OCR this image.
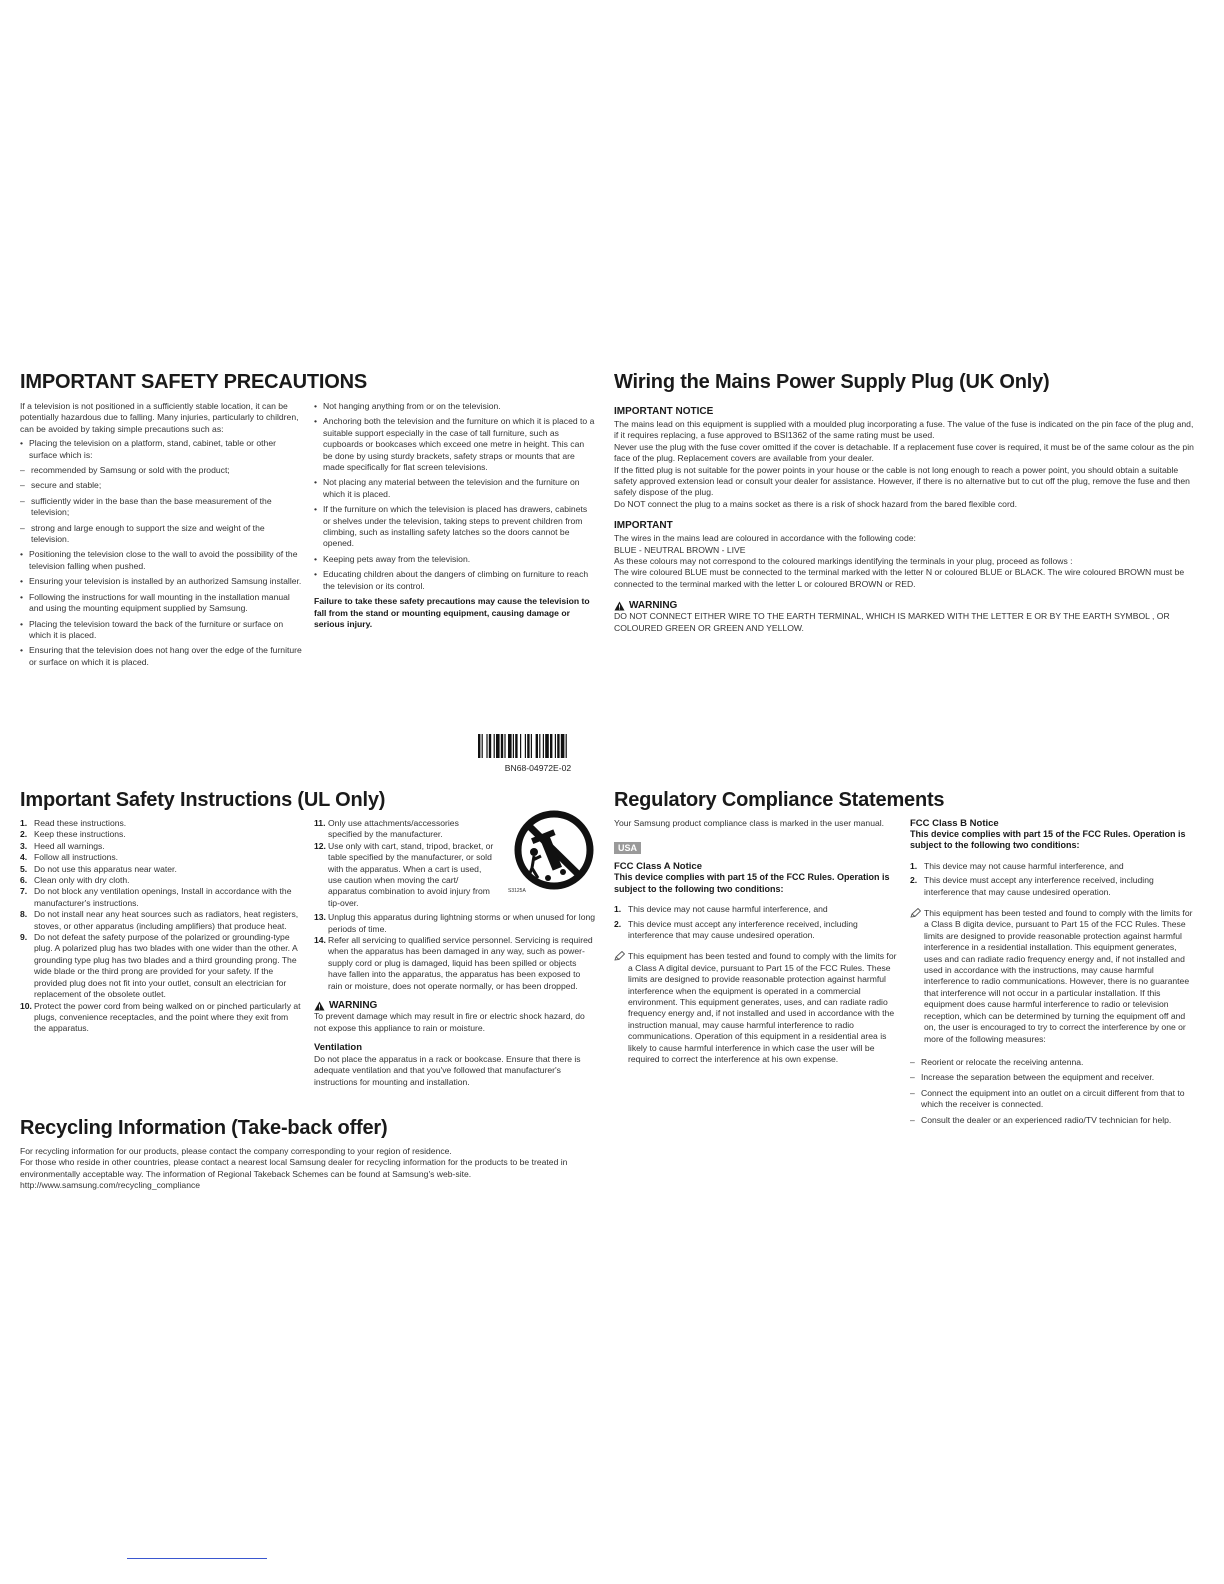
IMPORTANT SAFETY PRECAUTIONS

If a television is not positioned in a sufficiently stable location, it can be potentially hazardous due to falling. Many injuries, particularly to children, can be avoided by taking simple precautions such as:

• Placing the television on a platform, stand, cabinet, table or other surface which is:
– recommended by Samsung or sold with the product;
– secure and stable;
– sufficiently wider in the base than the base measurement of the television;
– strong and large enough to support the size and weight of the television.
• Positioning the television close to the wall to avoid the possibility of the television falling when pushed.
• Ensuring your television is installed by an authorized Samsung installer.
• Following the instructions for wall mounting in the installation manual and using the mounting equipment supplied by Samsung.
• Placing the television toward the back of the furniture or surface on which it is placed.
• Ensuring that the television does not hang over the edge of the furniture or surface on which it is placed.
• Not hanging anything from or on the television.
• Anchoring both the television and the furniture on which it is placed to a suitable support especially in the case of tall furniture, such as cupboards or bookcases which exceed one metre in height. This can be done by using sturdy brackets, safety straps or mounts that are made specifically for flat screen televisions.
• Not placing any material between the television and the furniture on which it is placed.
• If the furniture on which the television is placed has drawers, cabinets or shelves under the television, taking steps to prevent children from climbing, such as installing safety latches so the doors cannot be opened.
• Keeping pets away from the television.
• Educating children about the dangers of climbing on furniture to reach the television or its control.

Failure to take these safety precautions may cause the television to fall from the stand or mounting equipment, causing damage or serious injury.

Wiring the Mains Power Supply Plug (UK Only)
IMPORTANT NOTICE

The mains lead on this equipment is supplied with a moulded plug incorporating a fuse. The value of the fuse is indicated on the pin face of the plug and, if it requires replacing, a fuse approved to BSI1362 of the same rating must be used.

Never use the plug with the fuse cover omitted if the cover is detachable. If a replacement fuse cover is required, it must be of the same colour as the pin face of the plug. Replacement covers are available from your dealer.

If the fitted plug is not suitable for the power points in your house or the cable is not long enough to reach a power point, you should obtain a suitable safety approved extension lead or consult your dealer for assistance. However, if there is no alternative but to cut off the plug, remove the fuse and then safely dispose of the plug.

Do NOT connect the plug to a mains socket as there is a risk of shock hazard from the bared flexible cord.

IMPORTANT

The wires in the mains lead are coloured in accordance with the following code:

BLUE - NEUTRAL BROWN - LIVE

As these colours may not correspond to the coloured markings identifying the terminals in your plug, proceed as follows :

The wire coloured BLUE must be connected to the terminal marked with the letter N or coloured BLUE or BLACK. The wire coloured BROWN must be connected to the terminal marked with the letter L or coloured BROWN or RED.

WARNING

DO NOT CONNECT EITHER WIRE TO THE EARTH TERMINAL, WHICH IS MARKED WITH THE LETTER E OR BY THE EARTH SYMBOL , OR COLOURED GREEN OR GREEN AND YELLOW.

BN68-04972E-02
Important Safety Instructions (UL Only)
1. Read these instructions.
2. Keep these instructions.
3. Heed all warnings.
4. Follow all instructions.
5. Do not use this apparatus near water.
6. Clean only with dry cloth.
7. Do not block any ventilation openings, Install in accordance with the manufacturer's instructions.
8. Do not install near any heat sources such as radiators, heat registers, stoves, or other apparatus (including amplifiers) that produce heat.
9. Do not defeat the safety purpose of the polarized or grounding-type plug. A polarized plug has two blades with one wider than the other. A grounding type plug has two blades and a third grounding prong. The wide blade or the third prong are provided for your safety. If the provided plug does not fit into your outlet, consult an electrician for replacement of the obsolete outlet.
10. Protect the power cord from being walked on or pinched particularly at plugs, convenience receptacles, and the point where they exit from the apparatus.
11. Only use attachments/accessories specified by the manufacturer.
12. Use only with cart, stand, tripod, bracket, or table specified by the manufacturer, or sold with the apparatus. When a cart is used, use caution when moving the cart/ apparatus combination to avoid injury from tip-over.
S3125A
13. Unplug this apparatus during lightning storms or when unused for long periods of time.
14. Refer all servicing to qualified service personnel. Servicing is required when the apparatus has been damaged in any way, such as power-supply cord or plug is damaged, liquid has been spilled or objects have fallen into the apparatus, the apparatus has been exposed to rain or moisture, does not operate normally, or has been dropped.
WARNING

To prevent damage which may result in fire or electric shock hazard, do not expose this appliance to rain or moisture.

Ventilation

Do not place the apparatus in a rack or bookcase. Ensure that there is adequate ventilation and that you've followed that manufacturer's instructions for mounting and installation.

Recycling Information (Take-back offer)

For recycling information for our products, please contact the company corresponding to your region of residence.

For those who reside in other countries, please contact a nearest local Samsung dealer for recycling information for the products to be treated in environmentally acceptable way. The information of Regional Takeback Schemes can be found at Samsung's web-site.

http://www.samsung.com/recycling_compliance

Regulatory Compliance Statements

Your Samsung product compliance class is marked in the user manual.

USA
FCC Class A Notice

This device complies with part 15 of the FCC Rules. Operation is subject to the following two conditions:

1. This device may not cause harmful interference, and
2. This device must accept any interference received, including interference that may cause undesired operation.
This equipment has been tested and found to comply with the limits for a Class A digital device, pursuant to Part 15 of the FCC Rules. These limits are designed to provide reasonable protection against harmful interference when the equipment is operated in a commercial environment. This equipment generates, uses, and can radiate radio frequency energy and, if not installed and used in accordance with the instruction manual, may cause harmful interference to radio communications. Operation of this equipment in a residential area is likely to cause harmful interference in which case the user will be required to correct the interference at his own expense.
FCC Class B Notice

This device complies with part 15 of the FCC Rules. Operation is subject to the following two conditions:

1. This device may not cause harmful interference, and
2. This device must accept any interference received, including interference that may cause undesired operation.
This equipment has been tested and found to comply with the limits for a Class B digita device, pursuant to Part 15 of the FCC Rules. These limits are designed to provide reasonable protection against harmful interference in a residential installation. This equipment generates, uses and can radiate radio frequency energy and, if not installed and used in accordance with the instructions, may cause harmful interference to radio communications. However, there is no guarantee that interference will not occur in a particular installation. If this equipment does cause harmful interference to radio or television reception, which can be determined by turning the equipment off and on, the user is encouraged to try to correct the interference by one or more of the following measures:
– Reorient or relocate the receiving antenna.
– Increase the separation between the equipment and receiver.
– Connect the equipment into an outlet on a circuit different from that to which the receiver is connected.
– Consult the dealer or an experienced radio/TV technician for help.
